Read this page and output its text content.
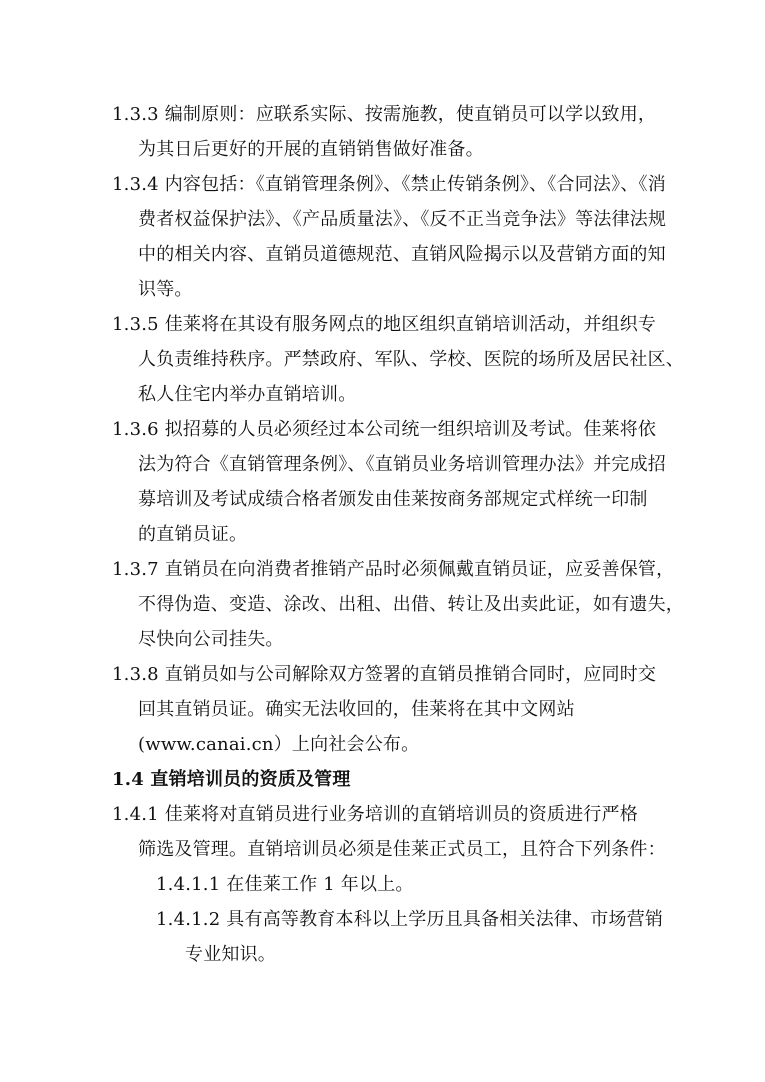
1.3.3 编制原则：应联系实际、按需施教，使直销员可以学以致用，
为其日后更好的开展的直销销售做好准备。
1.3.4 内容包括：《直销管理条例》、《禁止传销条例》、《合同法》、《消
费者权益保护法》、《产品质量法》、《反不正当竞争法》等法律法规
中的相关内容、直销员道德规范、直销风险揭示以及营销方面的知
识等。
1.3.5 佳莱将在其设有服务网点的地区组织直销培训活动，并组织专
人负责维持秩序。严禁政府、军队、学校、医院的场所及居民社区、
私人住宅内举办直销培训。
1.3.6 拟招募的人员必须经过本公司统一组织培训及考试。佳莱将依
法为符合《直销管理条例》、《直销员业务培训管理办法》并完成招
募培训及考试成绩合格者颁发由佳莱按商务部规定式样统一印制
的直销员证。
1.3.7 直销员在向消费者推销产品时必须佩戴直销员证，应妥善保管，
不得伪造、变造、涂改、出租、出借、转让及出卖此证，如有遗失，
尽快向公司挂失。
1.3.8 直销员如与公司解除双方签署的直销员推销合同时，应同时交
回其直销员证。确实无法收回的，佳莱将在其中文网站
(www.canai.cn）上向社会公布。
1.4 直销培训员的资质及管理
1.4.1 佳莱将对直销员进行业务培训的直销培训员的资质进行严格
筛选及管理。直销培训员必须是佳莱正式员工，且符合下列条件：
1.4.1.1 在佳莱工作 1 年以上。
1.4.1.2 具有高等教育本科以上学历且具备相关法律、市场营销
专业知识。
